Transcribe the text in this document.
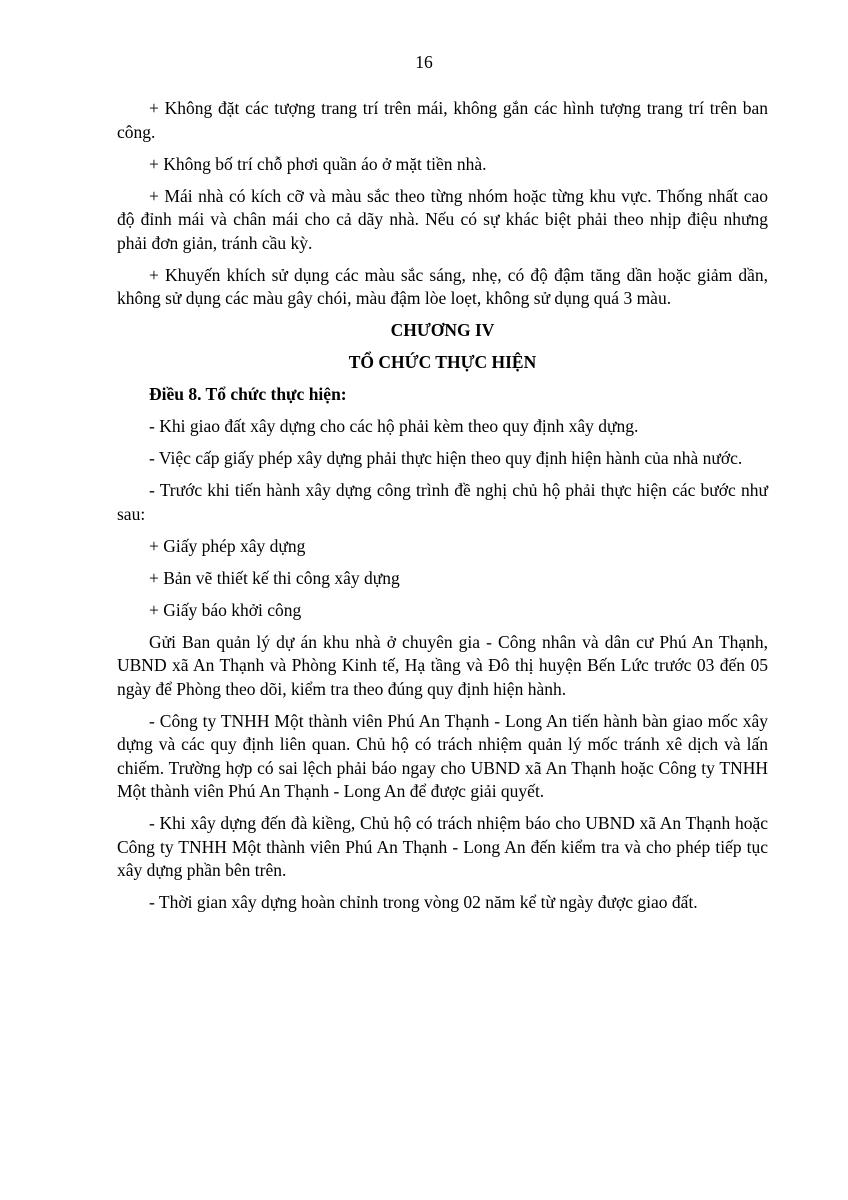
16

+ Không đặt các tượng trang trí trên mái, không gắn các hình tượng trang trí trên ban công.

+ Không bố trí chỗ phơi quần áo ở mặt tiền nhà.

+ Mái nhà có kích cỡ và màu sắc theo từng nhóm hoặc từng khu vực. Thống nhất cao độ đỉnh mái và chân mái cho cả dãy nhà. Nếu có sự khác biệt phải theo nhịp điệu nhưng phải đơn giản, tránh cầu kỳ.

+ Khuyến khích sử dụng các màu sắc sáng, nhẹ, có độ đậm tăng dần hoặc giảm dần, không sử dụng các màu gây chói, màu đậm lòe loẹt, không sử dụng quá 3 màu.

CHƯƠNG IV
TỔ CHỨC THỰC HIỆN

Điều 8. Tổ chức thực hiện:

- Khi giao đất xây dựng cho các hộ phải kèm theo quy định xây dựng.

- Việc cấp giấy phép xây dựng phải thực hiện theo quy định hiện hành của nhà nước.

- Trước khi tiến hành xây dựng công trình đề nghị chủ hộ phải thực hiện các bước như sau:

+ Giấy phép xây dựng

+ Bản vẽ thiết kế thi công xây dựng

+ Giấy báo khởi công

Gửi Ban quản lý dự án khu nhà ở chuyên gia - Công nhân và dân cư Phú An Thạnh, UBND xã An Thạnh và Phòng Kinh tế, Hạ tầng và Đô thị huyện Bến Lức trước 03 đến 05 ngày để Phòng theo dõi, kiểm tra theo đúng quy định hiện hành.

- Công ty TNHH Một thành viên Phú An Thạnh - Long An tiến hành bàn giao mốc xây dựng và các quy định liên quan. Chủ hộ có trách nhiệm quản lý mốc tránh xê dịch và lấn chiếm. Trường hợp có sai lệch phải báo ngay cho UBND xã An Thạnh hoặc Công ty TNHH Một thành viên Phú An Thạnh - Long An để được giải quyết.

- Khi xây dựng đến đà kiềng, Chủ hộ có trách nhiệm báo cho UBND xã An Thạnh hoặc Công ty TNHH Một thành viên Phú An Thạnh - Long An đến kiểm tra và cho phép tiếp tục xây dựng phần bên trên.

- Thời gian xây dựng hoàn chỉnh trong vòng 02 năm kể từ ngày được giao đất.
